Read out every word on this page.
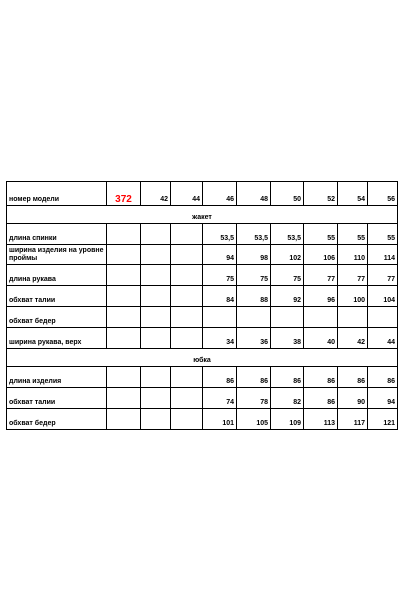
номер модели	372	42	44	46	48	50	52	54	56
жакет									
длина спинки				53,5	53,5	53,5	55	55	55
ширина изделия на уровне проймы				94	98	102	106	110	114
длина рукава				75	75	75	77	77	77
обхват талии				84	88	92	96	100	104
обхват бедер									
ширина рукава, верх				34	36	38	40	42	44
юбка									
длина изделия				86	86	86	86	86	86
обхват талии				74	78	82	86	90	94
обхват бедер				101	105	109	113	117	121
